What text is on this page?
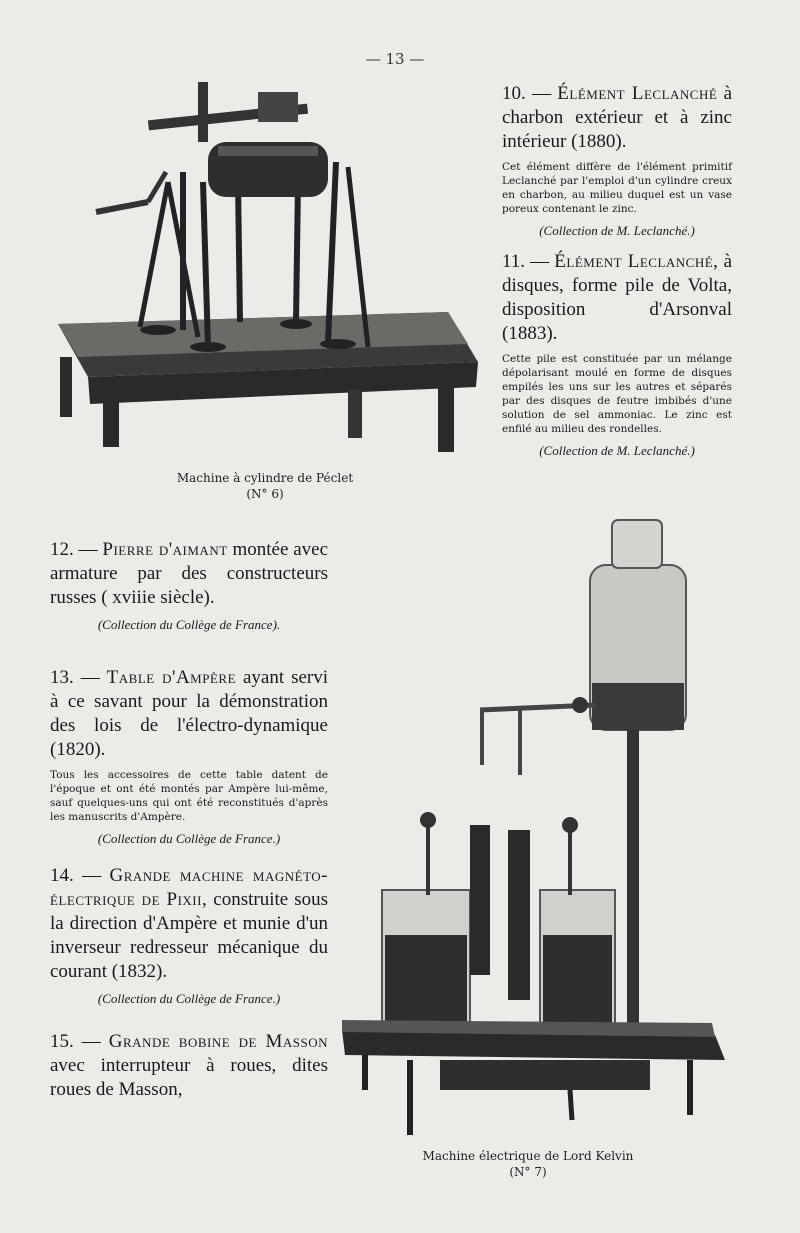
— 13 —
Machine à cylindre de Péclet
(N° 6)
10. — Élément Leclanché à charbon extérieur et à zinc intérieur (1880).
Cet élément diffère de l'élément primitif Leclanché par l'emploi d'un cylindre creux en charbon, au milieu duquel est un vase poreux contenant le zinc.
(Collection de M. Leclanché.)
11. — Élément Leclanché, à disques, forme pile de Volta, disposition d'Arsonval (1883).
Cette pile est constituée par un mélange dépolarisant moulé en forme de disques empilés les uns sur les autres et séparés par des disques de feutre imbibés d'une solution de sel ammoniac. Le zinc est enfilé au milieu des rondelles.
(Collection de M. Leclanché.)
12. — Pierre d'aimant montée avec armature par des constructeurs russes ( xviiie siècle).
(Collection du Collège de France).
13. — Table d'Ampère ayant servi à ce savant pour la démonstration des lois de l'électro-dynamique (1820).
Tous les accessoires de cette table datent de l'époque et ont été montés par Ampère lui-même, sauf quelques-uns qui ont été reconstitués d'après les manuscrits d'Ampère.
(Collection du Collège de France.)
14. — Grande machine magnéto-électrique de Pixii, construite sous la direction d'Ampère et munie d'un inverseur redresseur mécanique du courant (1832).
(Collection du Collège de France.)
15. — Grande bobine de Masson avec interrupteur à roues, dites roues de Masson,
Machine électrique de Lord Kelvin
(N° 7)
